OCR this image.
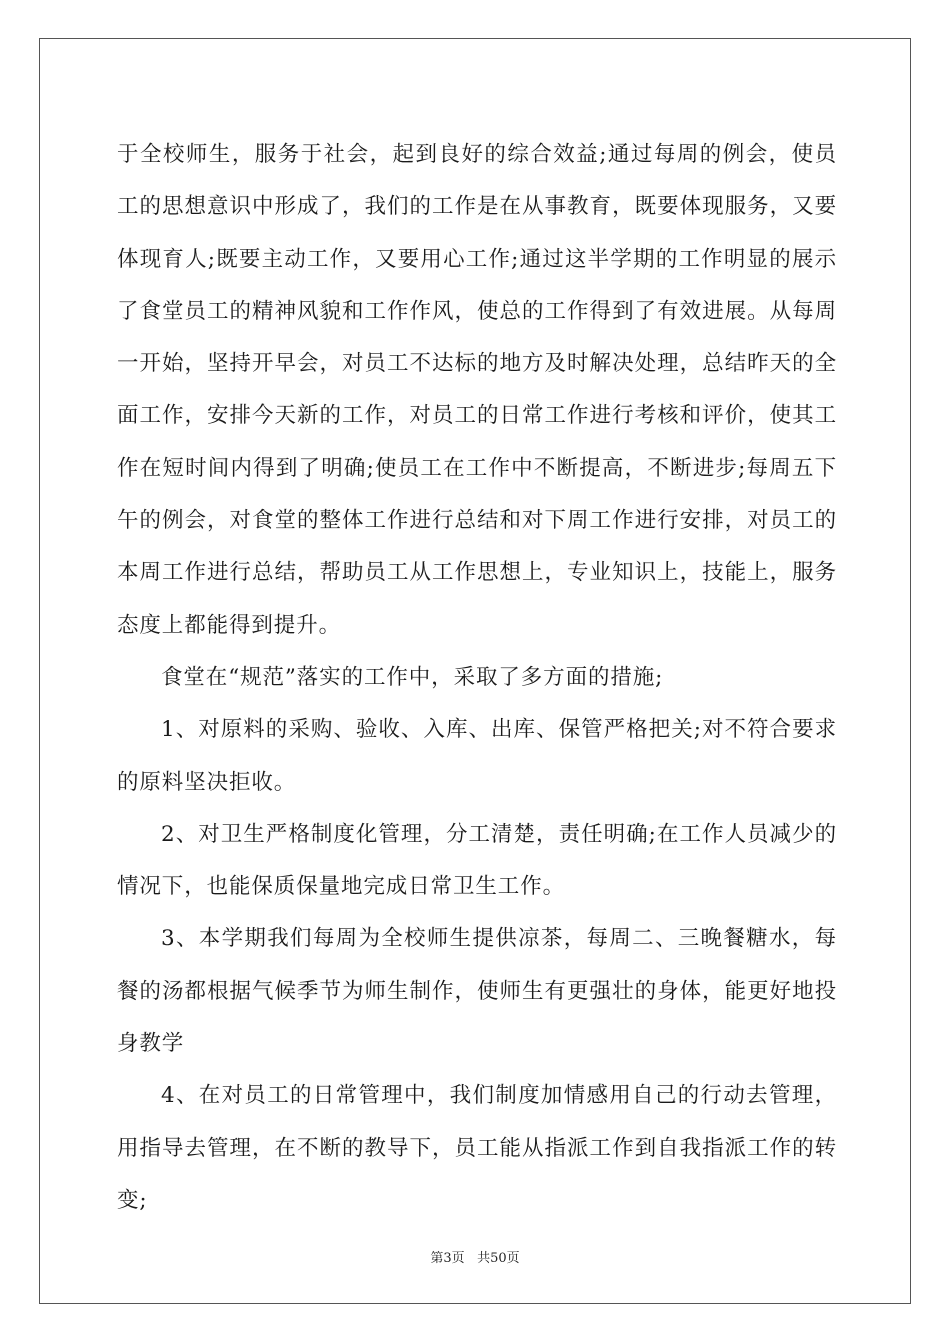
于全校师生，服务于社会，起到良好的综合效益;通过每周的例会，使员工的思想意识中形成了，我们的工作是在从事教育，既要体现服务，又要体现育人;既要主动工作，又要用心工作;通过这半学期的工作明显的展示了食堂员工的精神风貌和工作作风，使总的工作得到了有效进展。从每周一开始，坚持开早会，对员工不达标的地方及时解决处理，总结昨天的全面工作，安排今天新的工作，对员工的日常工作进行考核和评价，使其工作在短时间内得到了明确;使员工在工作中不断提高，不断进步;每周五下午的例会，对食堂的整体工作进行总结和对下周工作进行安排，对员工的本周工作进行总结，帮助员工从工作思想上，专业知识上，技能上，服务态度上都能得到提升。

食堂在“规范”落实的工作中，采取了多方面的措施;

1、对原料的采购、验收、入库、出库、保管严格把关;对不符合要求的原料坚决拒收。

2、对卫生严格制度化管理，分工清楚，责任明确;在工作人员减少的情况下，也能保质保量地完成日常卫生工作。

3、本学期我们每周为全校师生提供凉茶，每周二、三晚餐糖水，每餐的汤都根据气候季节为师生制作，使师生有更强壮的身体，能更好地投身教学

4、在对员工的日常管理中，我们制度加情感用自己的行动去管理，用指导去管理，在不断的教导下，员工能从指派工作到自我指派工作的转变;

第3页 共50页
